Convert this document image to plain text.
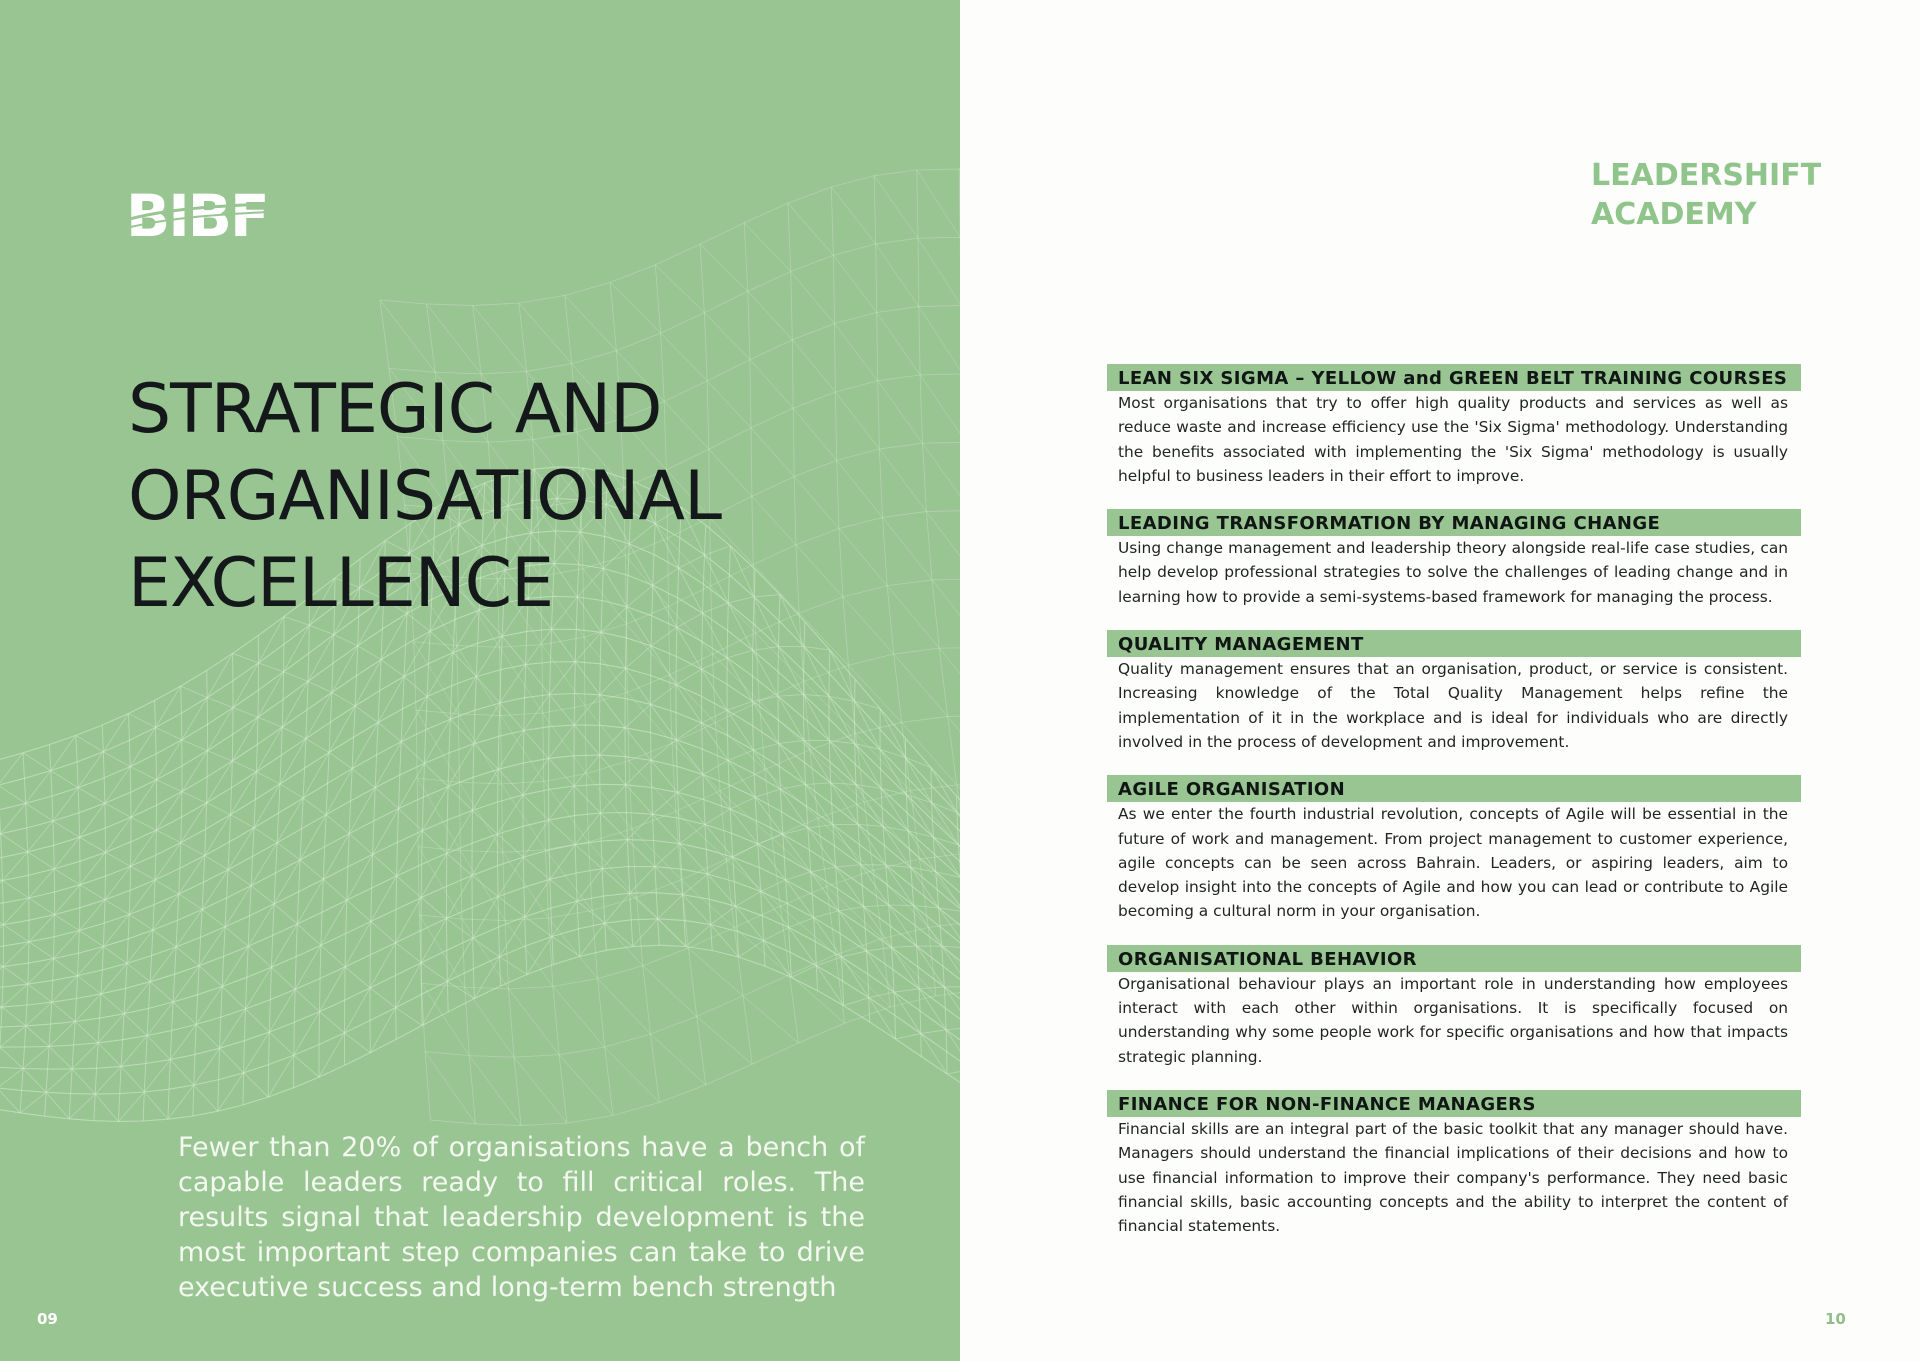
BIBF
STRATEGIC AND
ORGANISATIONAL
EXCELLENCE

Fewer than 20% of organisations have a bench of capable leaders ready to fill critical roles. The results signal that leadership development is the most important step companies can take to drive executive success and long-term bench strength

09
LEADERSHIFT
ACADEMY
LEAN SIX SIGMA – YELLOW and GREEN BELT TRAINING COURSES

Most organisations that try to offer high quality products and services as well as reduce waste and increase efficiency use the 'Six Sigma' methodology. Understanding the benefits associated with implementing the 'Six Sigma' methodology is usually helpful to business leaders in their effort to improve.

LEADING TRANSFORMATION BY MANAGING CHANGE

Using change management and leadership theory alongside real-life case studies, can help develop professional strategies to solve the challenges of leading change and in learning how to provide a semi-systems-based framework for managing the process.

QUALITY MANAGEMENT

Quality management ensures that an organisation, product, or service is consistent. Increasing knowledge of the Total Quality Management helps refine the implementation of it in the workplace and is ideal for individuals who are directly involved in the process of development and improvement.

AGILE ORGANISATION

As we enter the fourth industrial revolution, concepts of Agile will be essential in the future of work and management. From project management to customer experience, agile concepts can be seen across Bahrain. Leaders, or aspiring leaders, aim to develop insight into the concepts of Agile and how you can lead or contribute to Agile becoming a cultural norm in your organisation.

ORGANISATIONAL BEHAVIOR

Organisational behaviour plays an important role in understanding how employees interact with each other within organisations. It is specifically focused on understanding why some people work for specific organisations and how that impacts strategic planning.

FINANCE FOR NON-FINANCE MANAGERS

Financial skills are an integral part of the basic toolkit that any manager should have. Managers should understand the financial implications of their decisions and how to use financial information to improve their company's performance. They need basic financial skills, basic accounting concepts and the ability to interpret the content of financial statements.

10
